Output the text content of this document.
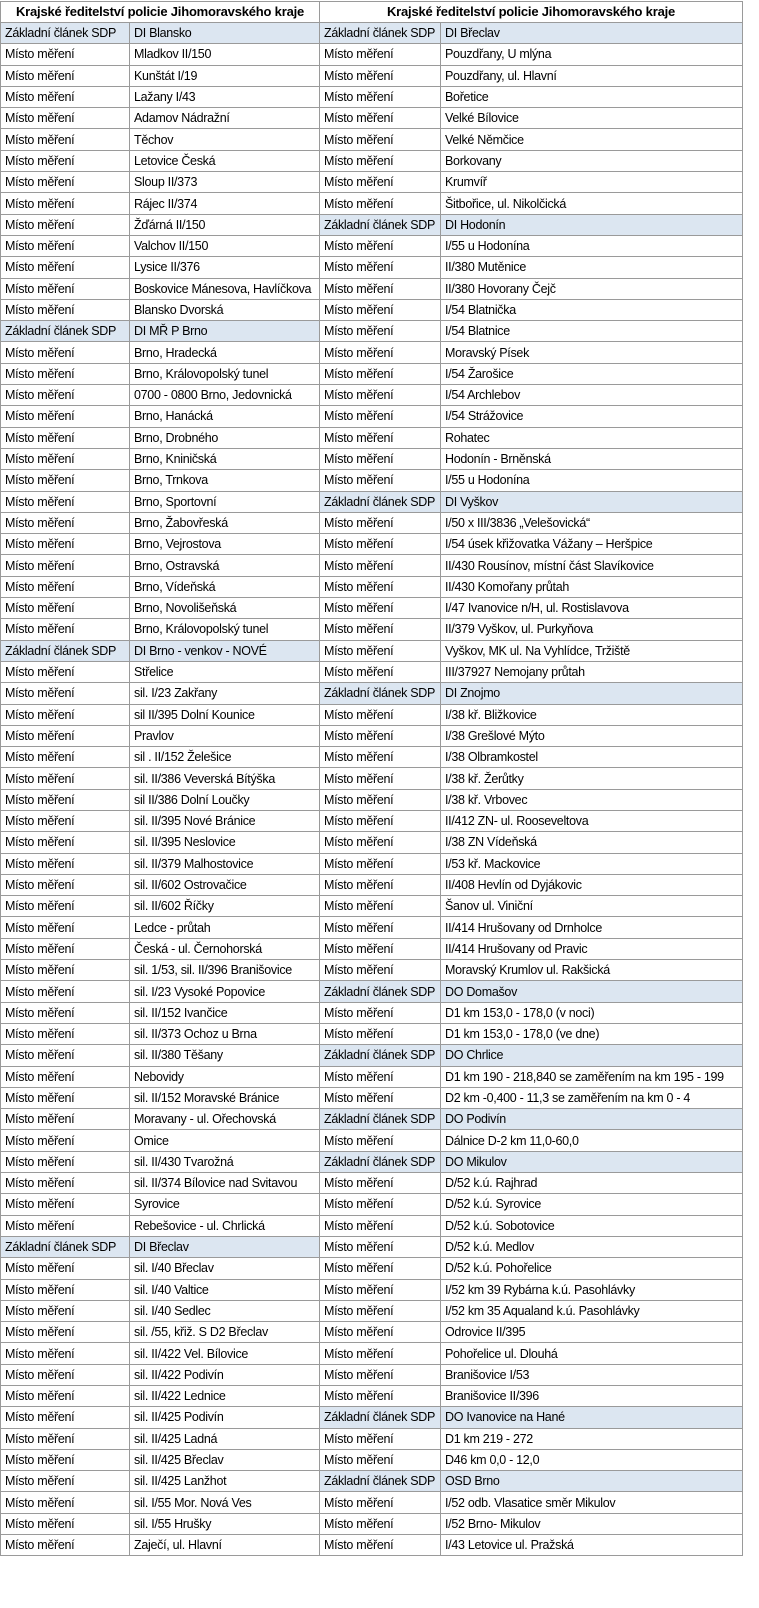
Krajské ředitelství policie Jihomoravského kraje		Krajské ředitelství policie Jihomoravského kraje	
Základní článek SDP	DI Blansko	Základní článek SDP	DI Břeclav
Místo měření	Mladkov II/150	Místo měření	Pouzdřany, U mlýna
Místo měření	Kunštát I/19	Místo měření	Pouzdřany, ul. Hlavní
Místo měření	Lažany I/43	Místo měření	Bořetice
Místo měření	Adamov Nádražní	Místo měření	Velké Bílovice
Místo měření	Těchov	Místo měření	Velké Němčice
Místo měření	Letovice Česká	Místo měření	Borkovany
Místo měření	Sloup II/373	Místo měření	Krumvíř
Místo měření	Rájec II/374	Místo měření	Šitbořice, ul. Nikolčická
Místo měření	Žďárná II/150	Základní článek SDP	DI Hodonín
Místo měření	Valchov II/150	Místo měření	I/55 u Hodonína
Místo měření	Lysice II/376	Místo měření	II/380 Mutěnice
Místo měření	Boskovice Mánesova, Havlíčkova	Místo měření	II/380 Hovorany Čejč
Místo měření	Blansko Dvorská	Místo měření	I/54 Blatnička
Základní článek SDP	DI MŘ P Brno	Místo měření	I/54 Blatnice
Místo měření	Brno, Hradecká	Místo měření	Moravský Písek
Místo měření	Brno, Královopolský tunel	Místo měření	I/54 Žarošice
Místo měření	0700 - 0800 Brno, Jedovnická	Místo měření	I/54 Archlebov
Místo měření	Brno, Hanácká	Místo měření	I/54 Strážovice
Místo měření	Brno, Drobného	Místo měření	Rohatec
Místo měření	Brno, Kniničská	Místo měření	Hodonín - Brněnská
Místo měření	Brno, Trnkova	Místo měření	I/55 u Hodonína
Místo měření	Brno, Sportovní	Základní článek SDP	DI Vyškov
Místo měření	Brno, Žabovřeská	Místo měření	I/50 x III/3836 „Velešovická“
Místo měření	Brno, Vejrostova	Místo měření	I/54 úsek křižovatka Vážany – Heršpice
Místo měření	Brno, Ostravská	Místo měření	II/430 Rousínov, místní část Slavíkovice
Místo měření	Brno, Vídeňská	Místo měření	II/430 Komořany průtah
Místo měření	Brno, Novolišeňská	Místo měření	I/47 Ivanovice n/H, ul. Rostislavova
Místo měření	Brno, Královopolský tunel	Místo měření	II/379 Vyškov, ul. Purkyňova
Základní článek SDP	DI Brno - venkov - NOVÉ	Místo měření	Vyškov, MK ul. Na Vyhlídce, Tržiště
Místo měření	Střelice	Místo měření	III/37927 Nemojany průtah
Místo měření	sil. I/23 Zakřany	Základní článek SDP	DI Znojmo
Místo měření	sil II/395 Dolní Kounice	Místo měření	I/38 kř. Bližkovice
Místo měření	Pravlov	Místo měření	I/38 Grešlové Mýto
Místo měření	sil . II/152 Želešice	Místo měření	I/38 Olbramkostel
Místo měření	sil. II/386 Veverská Bítýška	Místo měření	I/38 kř. Žerůtky
Místo měření	sil II/386 Dolní Loučky	Místo měření	I/38 kř. Vrbovec
Místo měření	sil. II/395 Nové Bránice	Místo měření	II/412 ZN- ul. Rooseveltova
Místo měření	sil. II/395 Neslovice	Místo měření	I/38 ZN Vídeňská
Místo měření	sil. II/379 Malhostovice	Místo měření	I/53 kř. Mackovice
Místo měření	sil. II/602 Ostrovačice	Místo měření	II/408 Hevlín od Dyjákovic
Místo měření	sil. II/602 Říčky	Místo měření	Šanov ul. Viniční
Místo měření	Ledce - průtah	Místo měření	II/414 Hrušovany od Drnholce
Místo měření	Česká - ul. Černohorská	Místo měření	II/414 Hrušovany od Pravic
Místo měření	sil. 1/53, sil. II/396 Branišovice	Místo měření	Moravský Krumlov ul. Rakšická
Místo měření	sil. I/23 Vysoké Popovice	Základní článek SDP	DO Domašov
Místo měření	sil. II/152 Ivančice	Místo měření	D1 km 153,0 - 178,0 (v noci)
Místo měření	sil. II/373 Ochoz u Brna	Místo měření	D1 km 153,0 - 178,0 (ve dne)
Místo měření	sil. II/380 Těšany	Základní článek SDP	DO Chrlice
Místo měření	Nebovidy	Místo měření	D1 km 190 - 218,840 se zaměřením na km 195 - 199
Místo měření	sil. II/152 Moravské Bránice	Místo měření	D2 km -0,400 - 11,3 se zaměřením na km 0 - 4
Místo měření	Moravany - ul. Ořechovská	Základní článek SDP	DO Podivín
Místo měření	Omice	Místo měření	Dálnice D-2 km 11,0-60,0
Místo měření	sil. II/430 Tvarožná	Základní článek SDP	DO Mikulov
Místo měření	sil. II/374 Bílovice nad Svitavou	Místo měření	D/52 k.ú. Rajhrad
Místo měření	Syrovice	Místo měření	D/52 k.ú. Syrovice
Místo měření	Rebešovice - ul. Chrlická	Místo měření	D/52 k.ú. Sobotovice
Základní článek SDP	DI Břeclav	Místo měření	D/52 k.ú. Medlov
Místo měření	sil. I/40 Břeclav	Místo měření	D/52 k.ú. Pohořelice
Místo měření	sil. I/40 Valtice	Místo měření	I/52 km 39 Rybárna k.ú. Pasohlávky
Místo měření	sil. I/40 Sedlec	Místo měření	I/52 km 35 Aqualand k.ú. Pasohlávky
Místo měření	sil. /55, křiž. S D2 Břeclav	Místo měření	Odrovice II/395
Místo měření	sil. II/422 Vel. Bílovice	Místo měření	Pohořelice ul. Dlouhá
Místo měření	sil. II/422 Podivín	Místo měření	Branišovice I/53
Místo měření	sil. II/422 Lednice	Místo měření	Branišovice II/396
Místo měření	sil. II/425 Podivín	Základní článek SDP	DO Ivanovice na Hané
Místo měření	sil. II/425 Ladná	Místo měření	D1 km 219 - 272
Místo měření	sil. II/425 Břeclav	Místo měření	D46 km 0,0 - 12,0
Místo měření	sil. II/425 Lanžhot	Základní článek SDP	OSD Brno
Místo měření	sil. I/55 Mor. Nová Ves	Místo měření	I/52 odb. Vlasatice směr Mikulov
Místo měření	sil. I/55 Hrušky	Místo měření	I/52 Brno- Mikulov
Místo měření	Zaječí, ul. Hlavní	Místo měření	I/43 Letovice ul. Pražská
